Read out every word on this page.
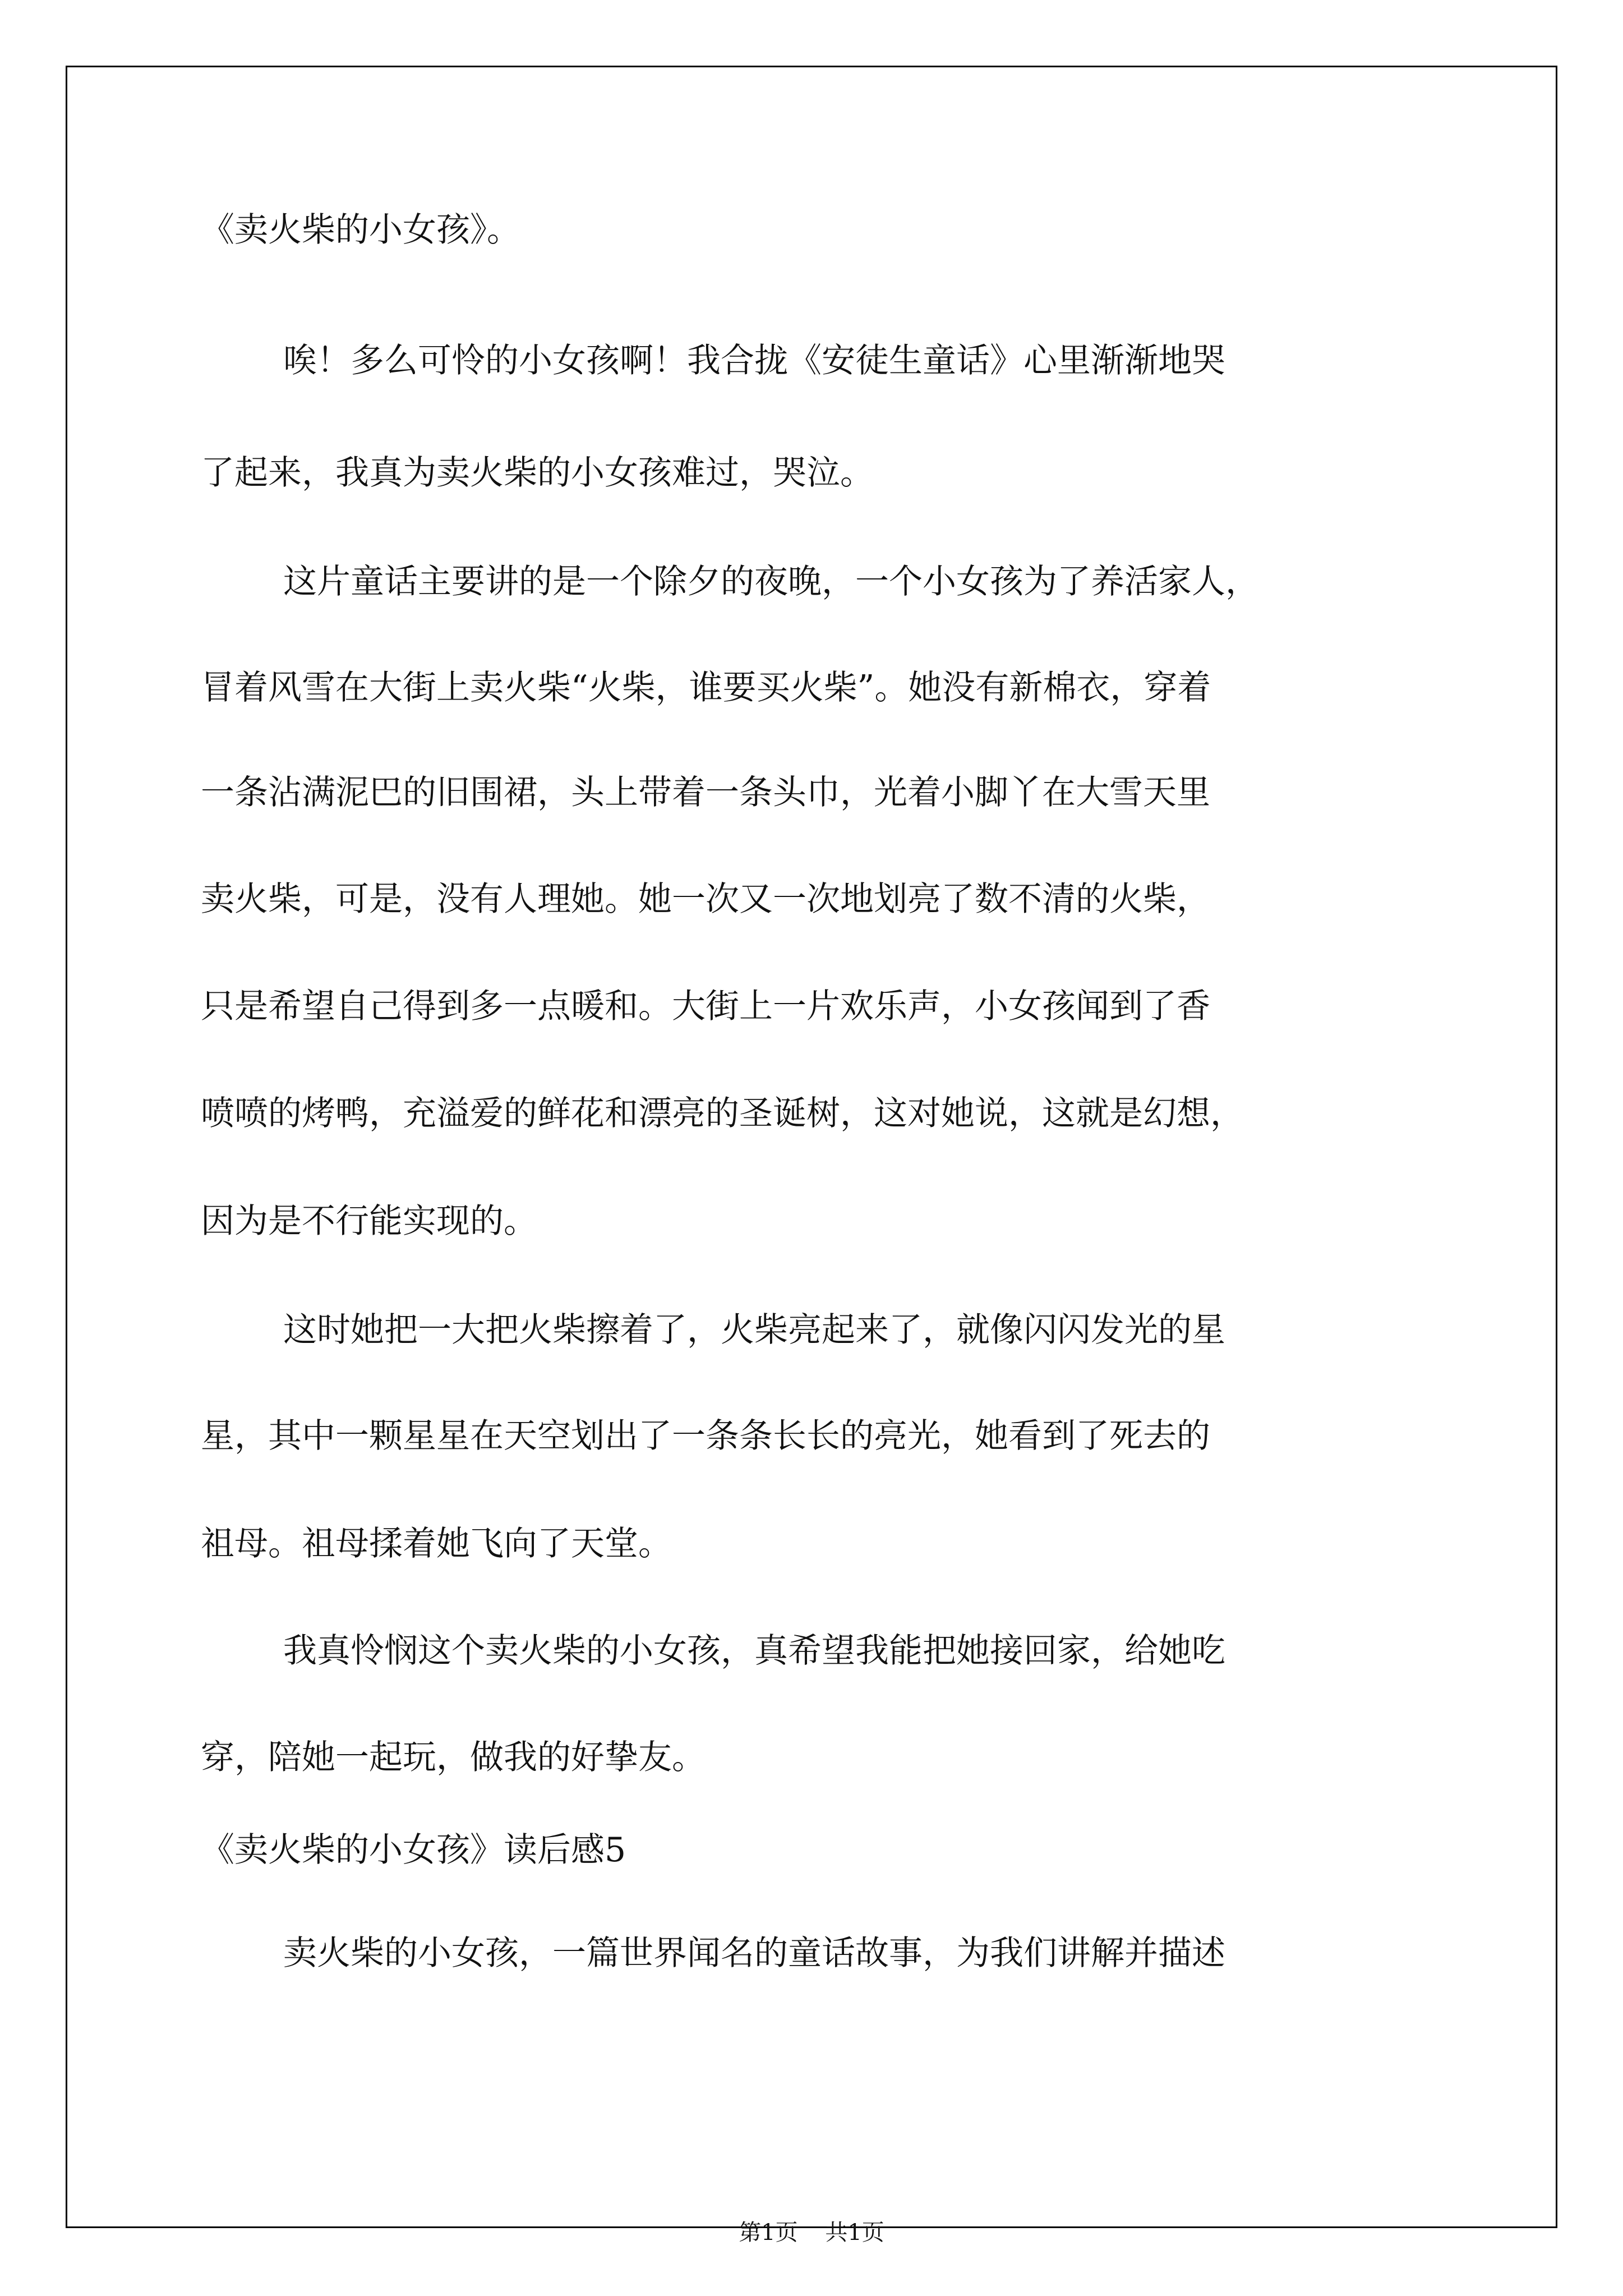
《卖火柴的小女孩》。
唉！多么可怜的小女孩啊！我合拢《安徒生童话》心里渐渐地哭
了起来，我真为卖火柴的小女孩难过，哭泣。
这片童话主要讲的是一个除夕的夜晚，一个小女孩为了养活家人，
冒着风雪在大街上卖火柴“火柴，谁要买火柴”。她没有新棉衣，穿着
一条沾满泥巴的旧围裙，头上带着一条头巾，光着小脚丫在大雪天里
卖火柴，可是，没有人理她。她一次又一次地划亮了数不清的火柴，
只是希望自己得到多一点暖和。大街上一片欢乐声，小女孩闻到了香
喷喷的烤鸭，充溢爱的鲜花和漂亮的圣诞树，这对她说，这就是幻想，
因为是不行能实现的。
这时她把一大把火柴擦着了，火柴亮起来了，就像闪闪发光的星
星，其中一颗星星在天空划出了一条条长长的亮光，她看到了死去的
祖母。祖母揉着她飞向了天堂。
我真怜悯这个卖火柴的小女孩，真希望我能把她接回家，给她吃
穿，陪她一起玩，做我的好挚友。
《卖火柴的小女孩》读后感5
卖火柴的小女孩，一篇世界闻名的童话故事，为我们讲解并描述
第1页 共1页
